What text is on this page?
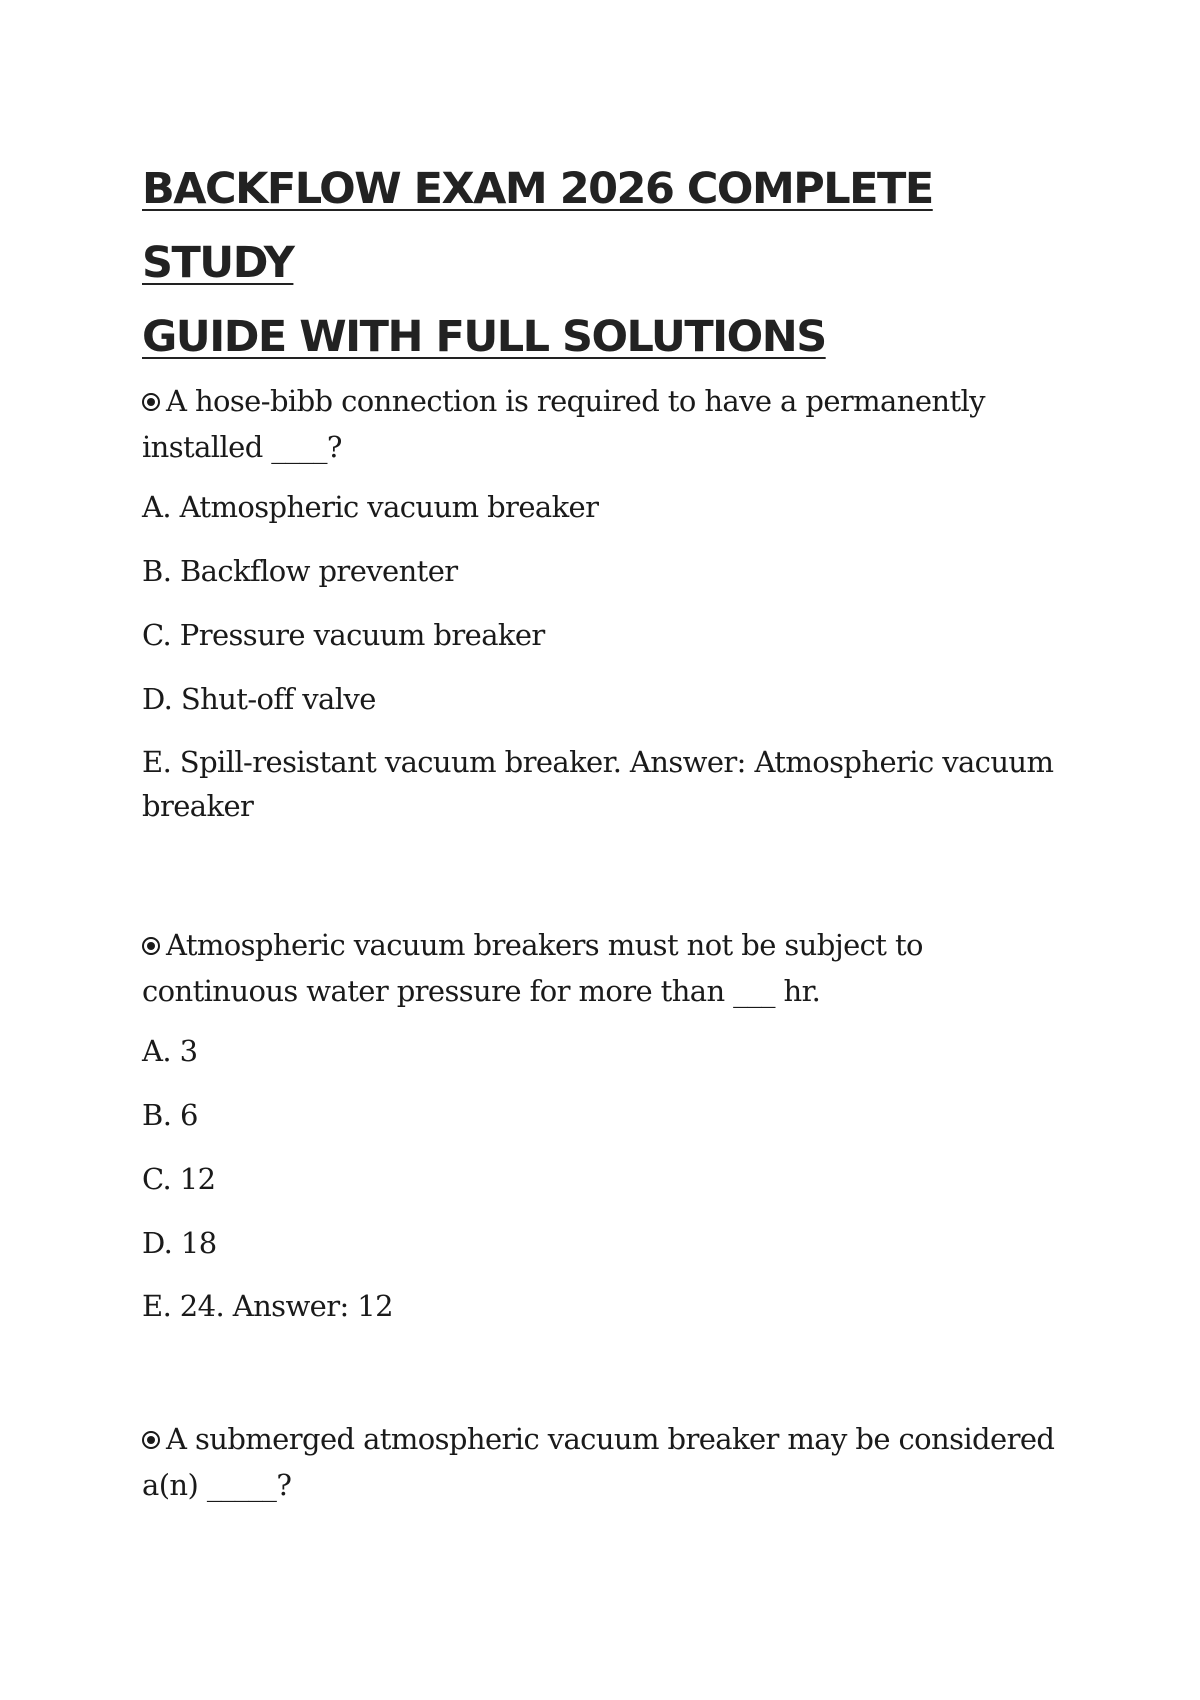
BACKFLOW EXAM 2026 COMPLETE STUDY
GUIDE WITH FULL SOLUTIONS

A hose-bibb connection is required to have a permanently installed ____?

A. Atmospheric vacuum breaker
B. Backflow preventer
C. Pressure vacuum breaker
D. Shut-off valve
E. Spill-resistant vacuum breaker. Answer: Atmospheric vacuum breaker

Atmospheric vacuum breakers must not be subject to continuous water pressure for more than ___ hr.

A. 3
B. 6
C. 12
D. 18
E. 24. Answer: 12

A submerged atmospheric vacuum breaker may be considered a(n) _____?
